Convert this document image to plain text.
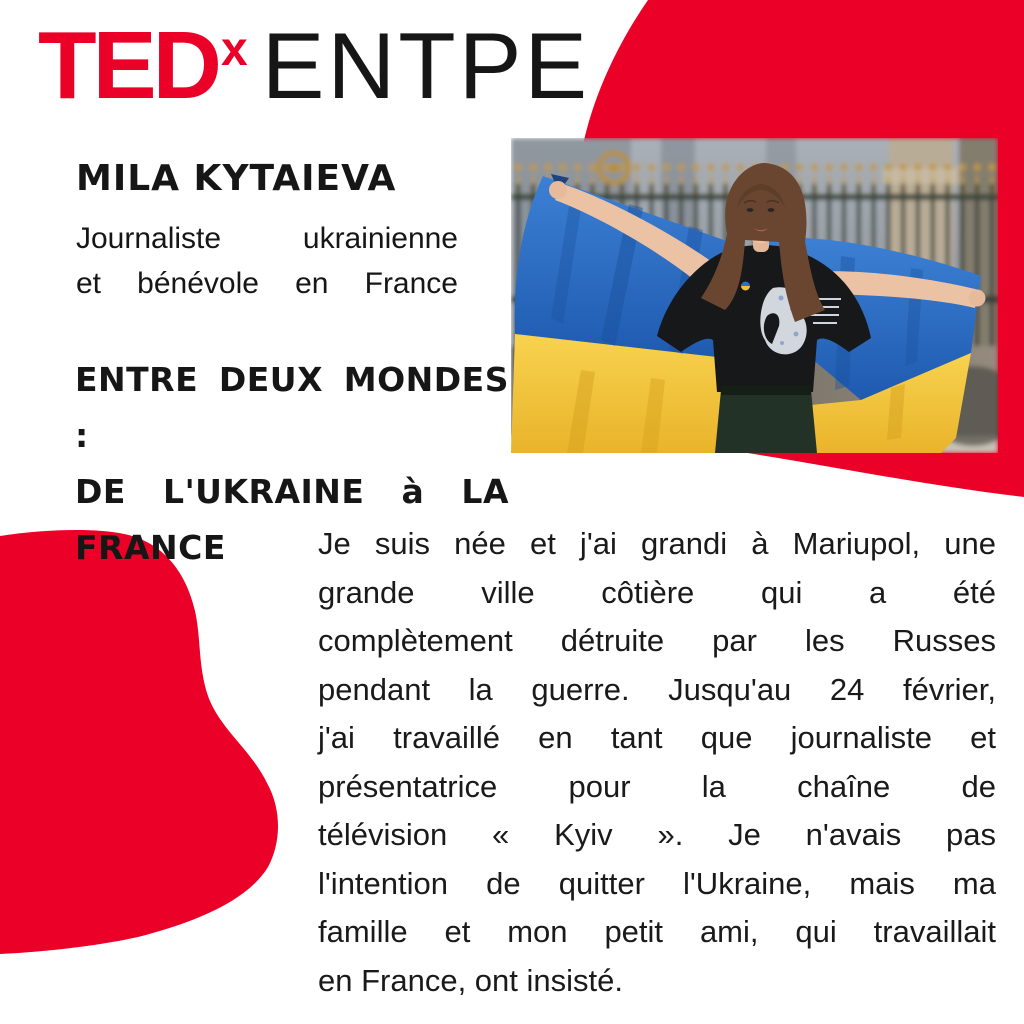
TED x ENTPE
MILA KYTAIEVA
Journaliste ukrainienne
et bénévole en France
ENTRE DEUX MONDES :
DE L'UKRAINE à LA
FRANCE	Je suis née et j'ai grandi à Mariupol, une
grande ville côtière qui a été
complètement détruite par les Russes
pendant la guerre. Jusqu'au 24 février,
j'ai travaillé en tant que journaliste et
présentatrice pour la chaîne de
télévision « Kyiv ». Je n'avais pas
l'intention de quitter l'Ukraine, mais ma
famille et mon petit ami, qui travaillait
en France, ont insisté.
